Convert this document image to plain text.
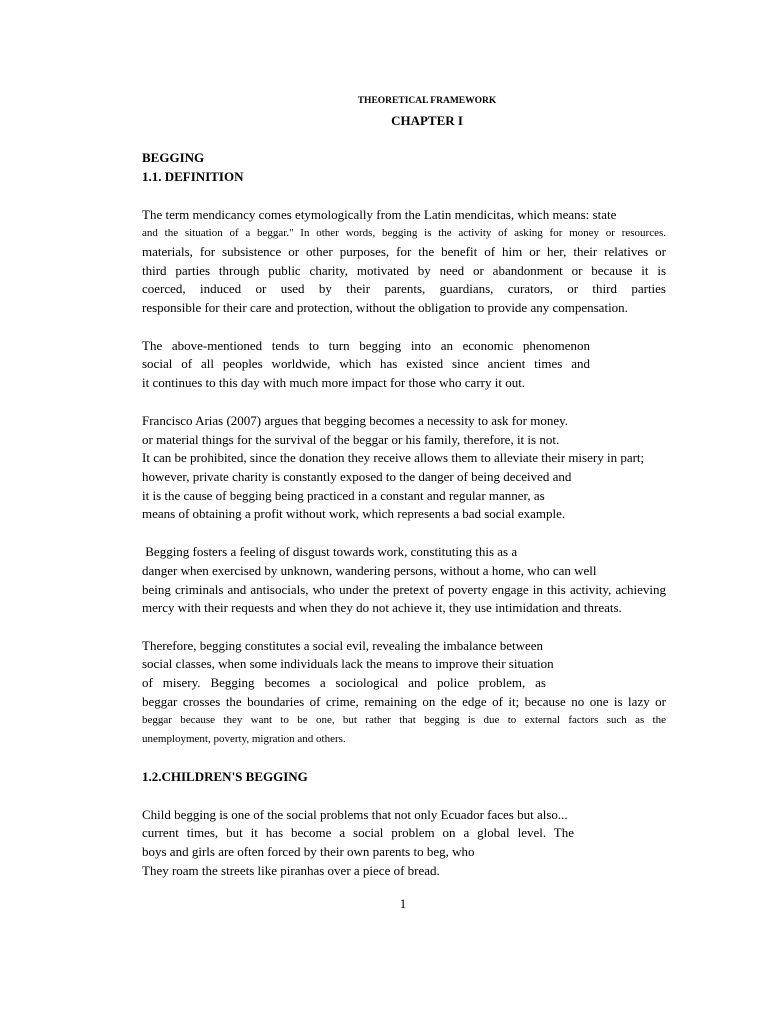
THEORETICAL FRAMEWORK
CHAPTER I
BEGGING
1.1. DEFINITION
The term mendicancy comes etymologically from the Latin mendicitas, which means: state
and the situation of a beggar." In other words, begging is the activity of asking for money or resources.
materials, for subsistence or other purposes, for the benefit of him or her, their relatives or
third parties through public charity, motivated by need or abandonment or because it is
coerced, induced or used by their parents, guardians, curators, or third parties
responsible for their care and protection, without the obligation to provide any compensation.
The above-mentioned tends to turn begging into an economic phenomenon
social of all peoples worldwide, which has existed since ancient times and
it continues to this day with much more impact for those who carry it out.
Francisco Arias (2007) argues that begging becomes a necessity to ask for money.
or material things for the survival of the beggar or his family, therefore, it is not.
It can be prohibited, since the donation they receive allows them to alleviate their misery in part;
however, private charity is constantly exposed to the danger of being deceived and
it is the cause of begging being practiced in a constant and regular manner, as
means of obtaining a profit without work, which represents a bad social example.
Begging fosters a feeling of disgust towards work, constituting this as a
danger when exercised by unknown, wandering persons, without a home, who can well
being criminals and antisocials, who under the pretext of poverty engage in this activity, achieving
mercy with their requests and when they do not achieve it, they use intimidation and threats.
Therefore, begging constitutes a social evil, revealing the imbalance between
social classes, when some individuals lack the means to improve their situation
of misery. Begging becomes a sociological and police problem, as
beggar crosses the boundaries of crime, remaining on the edge of it; because no one is lazy or
beggar because they want to be one, but rather that begging is due to external factors such as the
unemployment, poverty, migration and others.
1.2.CHILDREN'S BEGGING
Child begging is one of the social problems that not only Ecuador faces but also...
current times, but it has become a social problem on a global level. The
boys and girls are often forced by their own parents to beg, who
They roam the streets like piranhas over a piece of bread.
1
